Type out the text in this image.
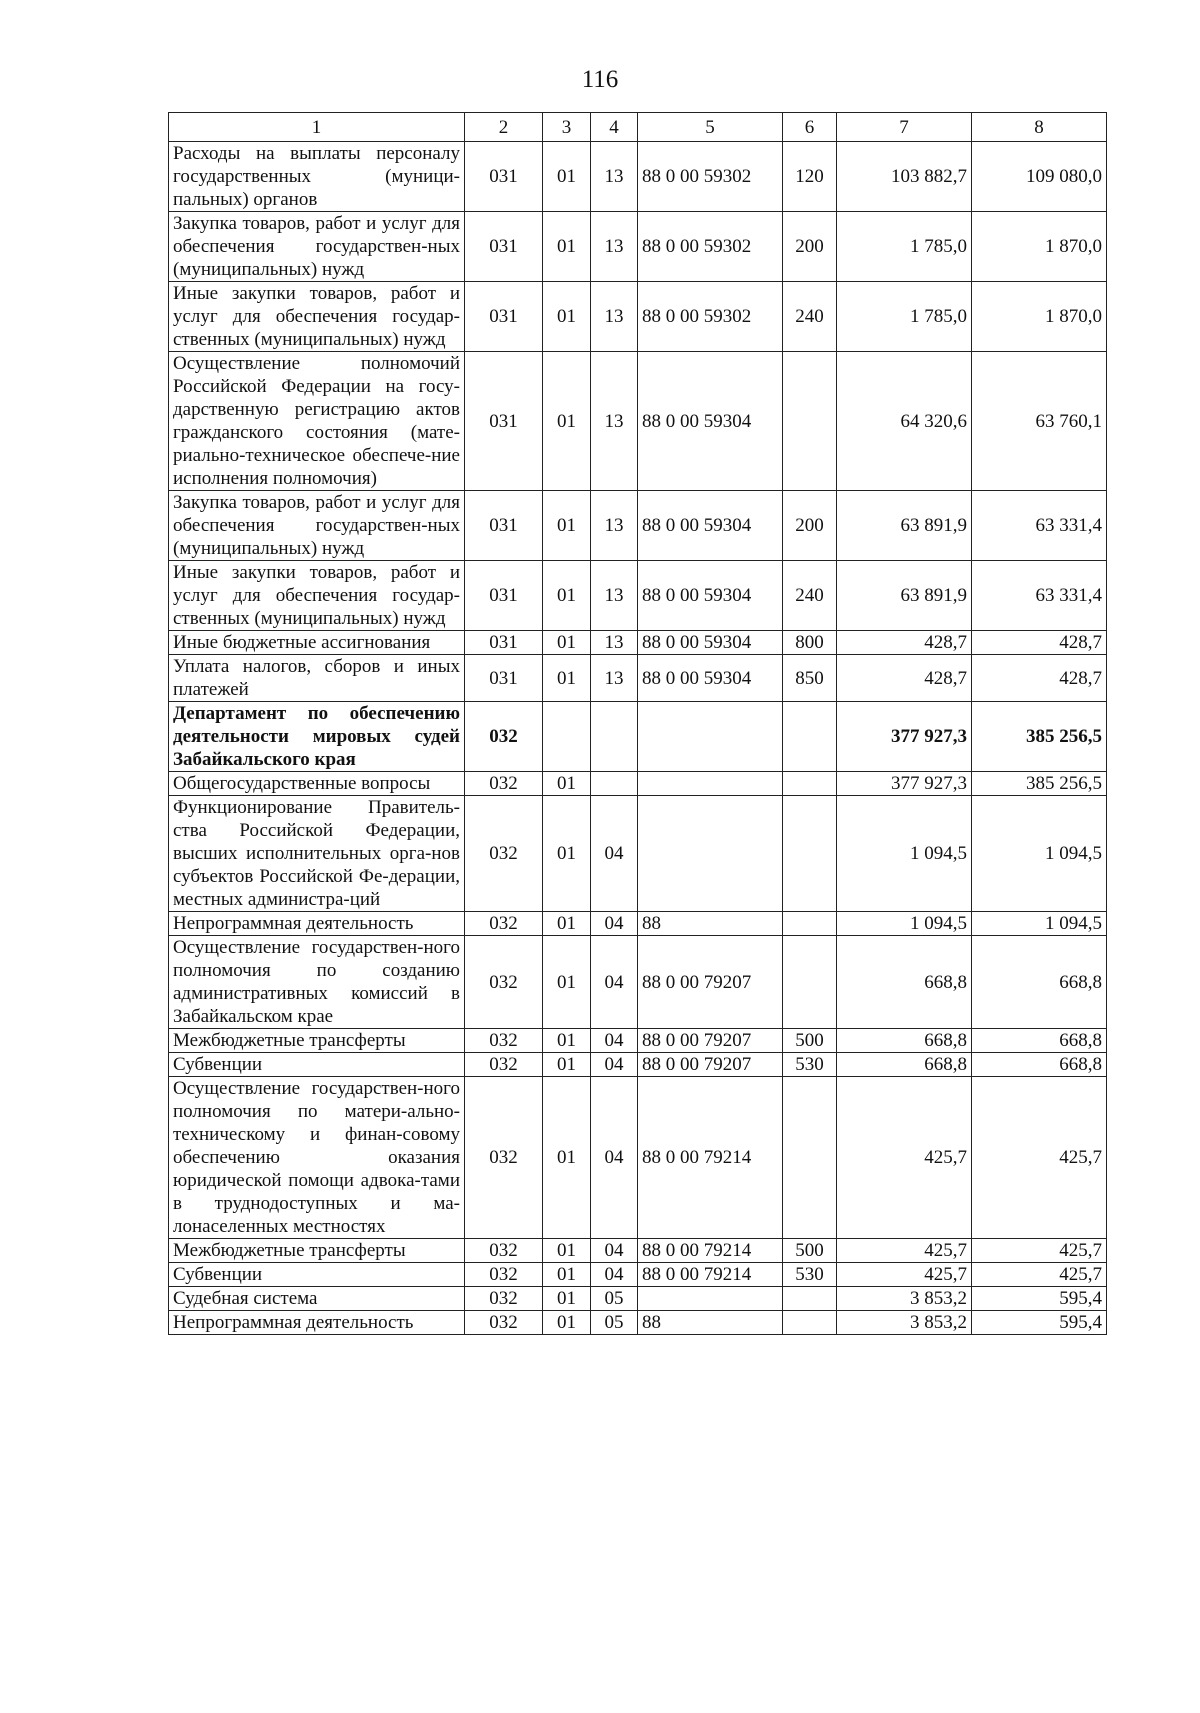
116
1	2	3	4	5	6	7	8
Расходы на выплаты персоналу государственных (муници-пальных) органов	031	01	13	88 0 00 59302	120	103 882,7	109 080,0
Закупка товаров, работ и услуг для обеспечения государствен-ных (муниципальных) нужд	031	01	13	88 0 00 59302	200	1 785,0	1 870,0
Иные закупки товаров, работ и услуг для обеспечения государ-ственных (муниципальных) нужд	031	01	13	88 0 00 59302	240	1 785,0	1 870,0
Осуществление полномочий Российской Федерации на госу-дарственную регистрацию актов гражданского состояния (мате-риально-техническое обеспече-ние исполнения полномочия)	031	01	13	88 0 00 59304		64 320,6	63 760,1
Закупка товаров, работ и услуг для обеспечения государствен-ных (муниципальных) нужд	031	01	13	88 0 00 59304	200	63 891,9	63 331,4
Иные закупки товаров, работ и услуг для обеспечения государ-ственных (муниципальных) нужд	031	01	13	88 0 00 59304	240	63 891,9	63 331,4
Иные бюджетные ассигнования	031	01	13	88 0 00 59304	800	428,7	428,7
Уплата налогов, сборов и иных платежей	031	01	13	88 0 00 59304	850	428,7	428,7
Департамент по обеспечению деятельности мировых судей Забайкальского края	032					377 927,3	385 256,5
Общегосударственные вопросы	032	01				377 927,3	385 256,5
Функционирование Правитель-ства Российской Федерации, высших исполнительных орга-нов субъектов Российской Фе-дерации, местных администра-ций	032	01	04			1 094,5	1 094,5
Непрограммная деятельность	032	01	04	88		1 094,5	1 094,5
Осуществление государствен-ного полномочия по созданию административных комиссий в Забайкальском крае	032	01	04	88 0 00 79207		668,8	668,8
Межбюджетные трансферты	032	01	04	88 0 00 79207	500	668,8	668,8
Субвенции	032	01	04	88 0 00 79207	530	668,8	668,8
Осуществление государствен-ного полномочия по матери-ально-техническому и финан-совому обеспечению оказания юридической помощи адвока-тами в труднодоступных и ма-лонаселенных местностях	032	01	04	88 0 00 79214		425,7	425,7
Межбюджетные трансферты	032	01	04	88 0 00 79214	500	425,7	425,7
Субвенции	032	01	04	88 0 00 79214	530	425,7	425,7
Судебная система	032	01	05			3 853,2	595,4
Непрограммная деятельность	032	01	05	88		3 853,2	595,4
